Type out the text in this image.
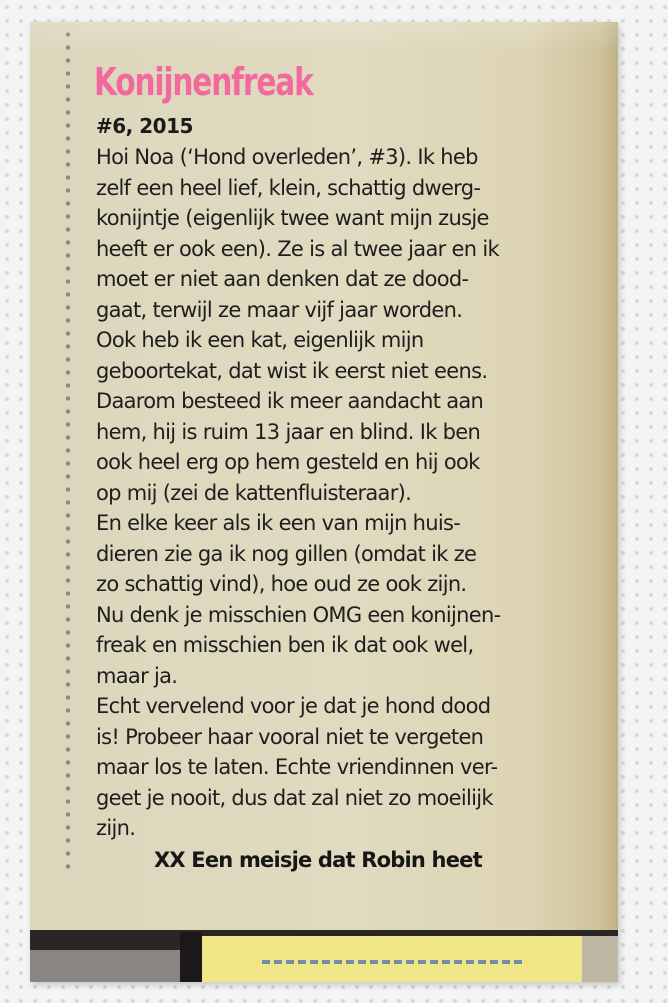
Konijnenfreak
#6, 2015
Hoi Noa (‘Hond overleden’, #3). Ik heb
zelf een heel lief, klein, schattig dwerg-
konijntje (eigenlijk twee want mijn zusje
heeft er ook een). Ze is al twee jaar en ik
moet er niet aan denken dat ze dood-
gaat, terwijl ze maar vijf jaar worden.
Ook heb ik een kat, eigenlijk mijn
geboortekat, dat wist ik eerst niet eens.
Daarom besteed ik meer aandacht aan
hem, hij is ruim 13 jaar en blind. Ik ben
ook heel erg op hem gesteld en hij ook
op mij (zei de kattenfluisteraar).
En elke keer als ik een van mijn huis-
dieren zie ga ik nog gillen (omdat ik ze
zo schattig vind), hoe oud ze ook zijn.
Nu denk je misschien OMG een konijnen-
freak en misschien ben ik dat ook wel,
maar ja.
Echt vervelend voor je dat je hond dood
is! Probeer haar vooral niet te vergeten
maar los te laten. Echte vriendinnen ver-
geet je nooit, dus dat zal niet zo moeilijk
zijn.
XX Een meisje dat Robin heet
